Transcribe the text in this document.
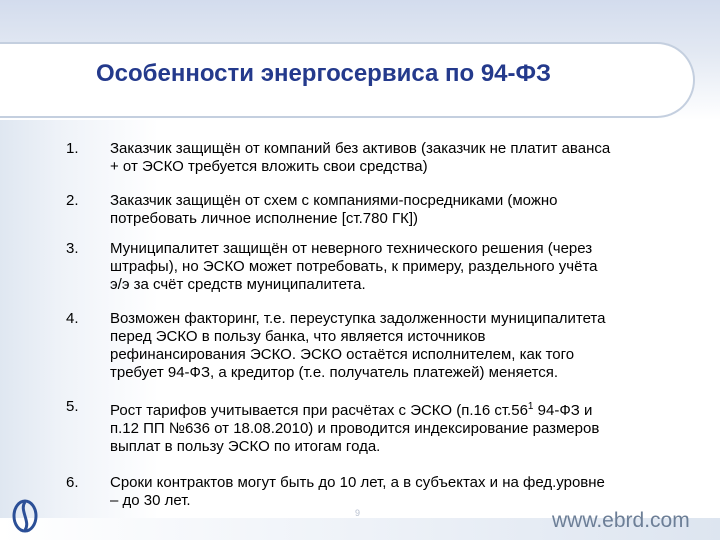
Особенности энергосервиса по 94-ФЗ
1. Заказчик защищён от компаний без активов (заказчик не платит аванса
+ от ЭСКО требуется вложить свои средства)
2. Заказчик защищён от схем с компаниями-посредниками (можно
потребовать личное исполнение [ст.780 ГК])
3. Муниципалитет защищён от неверного технического решения (через
штрафы), но ЭСКО может потребовать, к примеру, раздельного учёта
э/э за счёт средств муниципалитета.
4. Возможен факторинг, т.е. переуступка задолженности муниципалитета
перед ЭСКО в пользу банка, что является источников
рефинансирования ЭСКО. ЭСКО остаётся исполнителем, как того
требует 94-ФЗ, а кредитор (т.е. получатель платежей) меняется.
5. Рост тарифов учитывается при расчётах с ЭСКО (п.16 $ст.56^1$ 94-ФЗ и
п.12 ПП №636 от 18.08.2010) и проводится индексирование размеров
выплат в пользу ЭСКО по итогам года.
6. Сроки контрактов могут быть до 10 лет, а в субъектах и на фед.уровне
– до 30 лет.
9	www.ebrd.com
